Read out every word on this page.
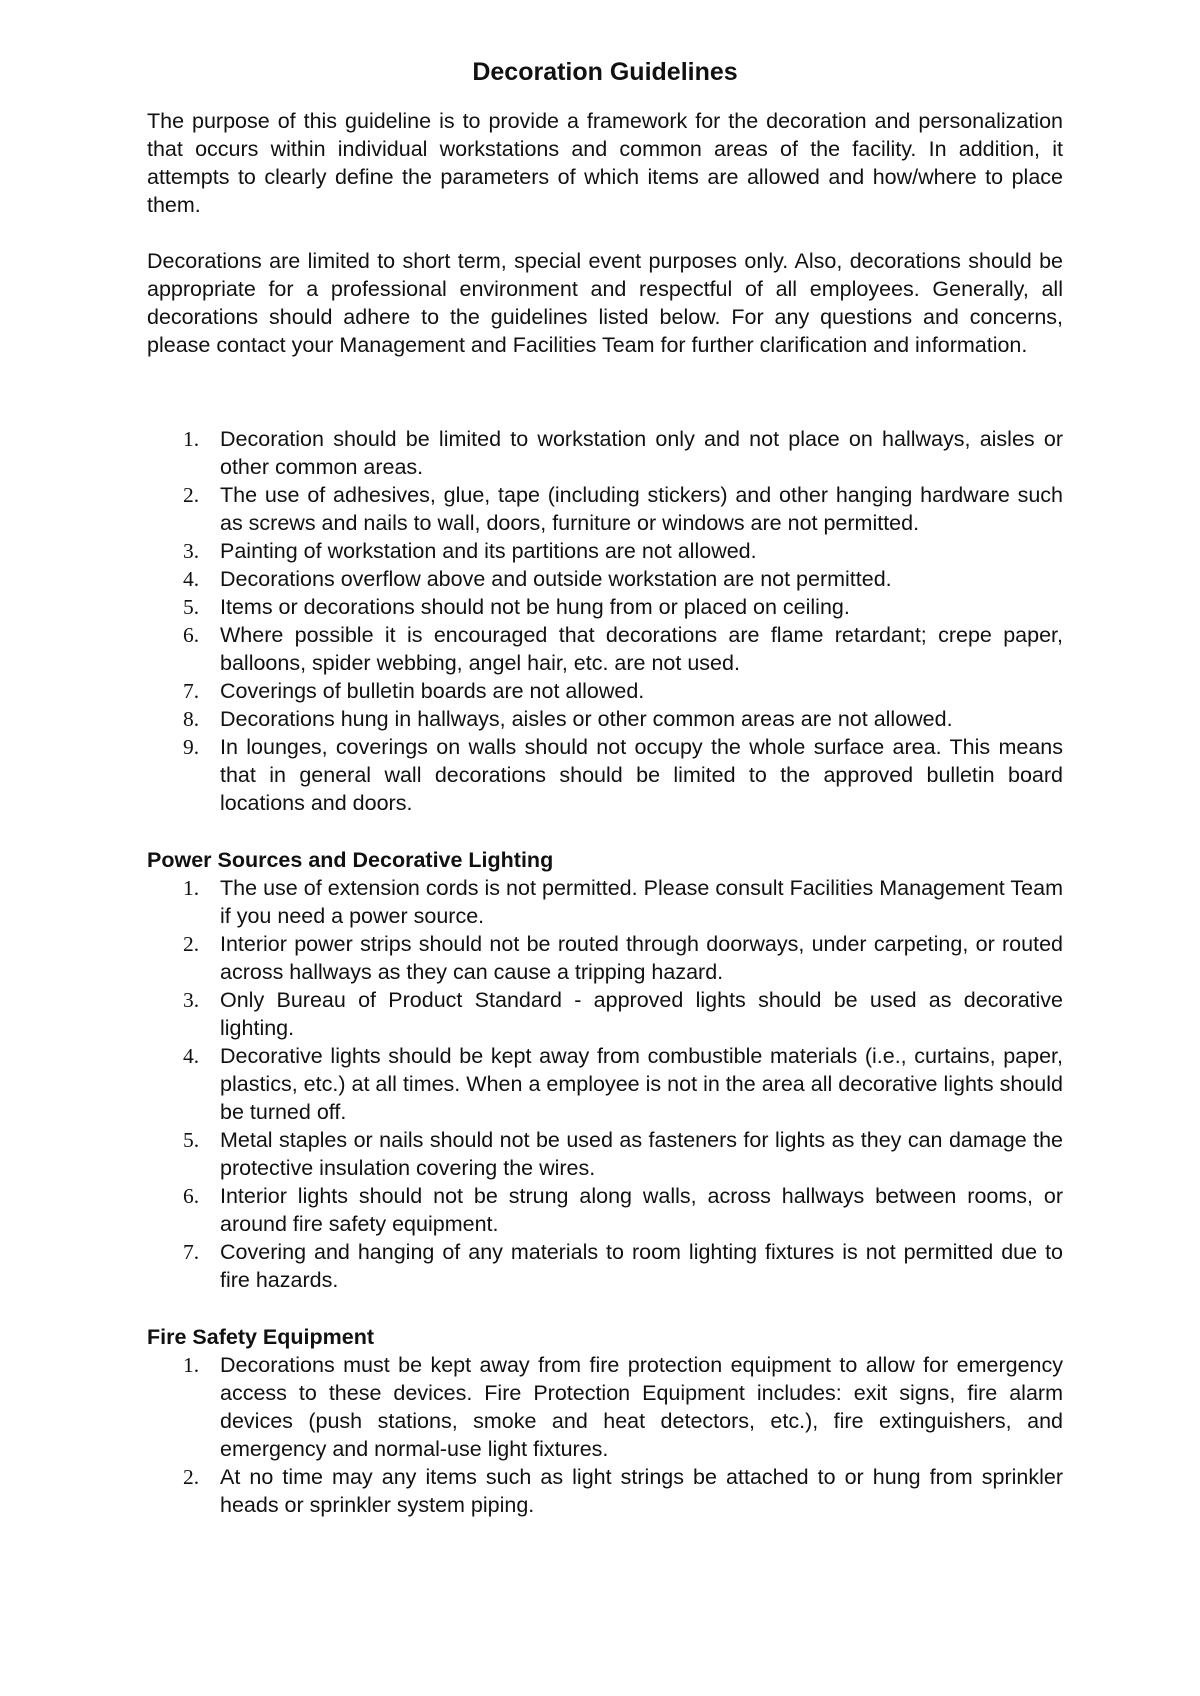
Decoration Guidelines

The purpose of this guideline is to provide a framework for the decoration and personalization that occurs within individual workstations and common areas of the facility. In addition, it attempts to clearly define the parameters of which items are allowed and how/where to place them.

Decorations are limited to short term, special event purposes only. Also, decorations should be appropriate for a professional environment and respectful of all employees. Generally, all decorations should adhere to the guidelines listed below. For any questions and concerns, please contact your Management and Facilities Team for further clarification and information.

1. Decoration should be limited to workstation only and not place on hallways, aisles or other common areas.
2. The use of adhesives, glue, tape (including stickers) and other hanging hardware such as screws and nails to wall, doors, furniture or windows are not permitted.
3. Painting of workstation and its partitions are not allowed.
4. Decorations overflow above and outside workstation are not permitted.
5. Items or decorations should not be hung from or placed on ceiling.
6. Where possible it is encouraged that decorations are flame retardant; crepe paper, balloons, spider webbing, angel hair, etc. are not used.
7. Coverings of bulletin boards are not allowed.
8. Decorations hung in hallways, aisles or other common areas are not allowed.
9. In lounges, coverings on walls should not occupy the whole surface area. This means that in general wall decorations should be limited to the approved bulletin board locations and doors.
Power Sources and Decorative Lighting
1. The use of extension cords is not permitted. Please consult Facilities Management Team if you need a power source.
2. Interior power strips should not be routed through doorways, under carpeting, or routed across hallways as they can cause a tripping hazard.
3. Only Bureau of Product Standard - approved lights should be used as decorative lighting.
4. Decorative lights should be kept away from combustible materials (i.e., curtains, paper, plastics, etc.) at all times. When a employee is not in the area all decorative lights should be turned off.
5. Metal staples or nails should not be used as fasteners for lights as they can damage the protective insulation covering the wires.
6. Interior lights should not be strung along walls, across hallways between rooms, or around fire safety equipment.
7. Covering and hanging of any materials to room lighting fixtures is not permitted due to fire hazards.
Fire Safety Equipment
1. Decorations must be kept away from fire protection equipment to allow for emergency access to these devices. Fire Protection Equipment includes: exit signs, fire alarm devices (push stations, smoke and heat detectors, etc.), fire extinguishers, and emergency and normal-use light fixtures.
2. At no time may any items such as light strings be attached to or hung from sprinkler heads or sprinkler system piping.
